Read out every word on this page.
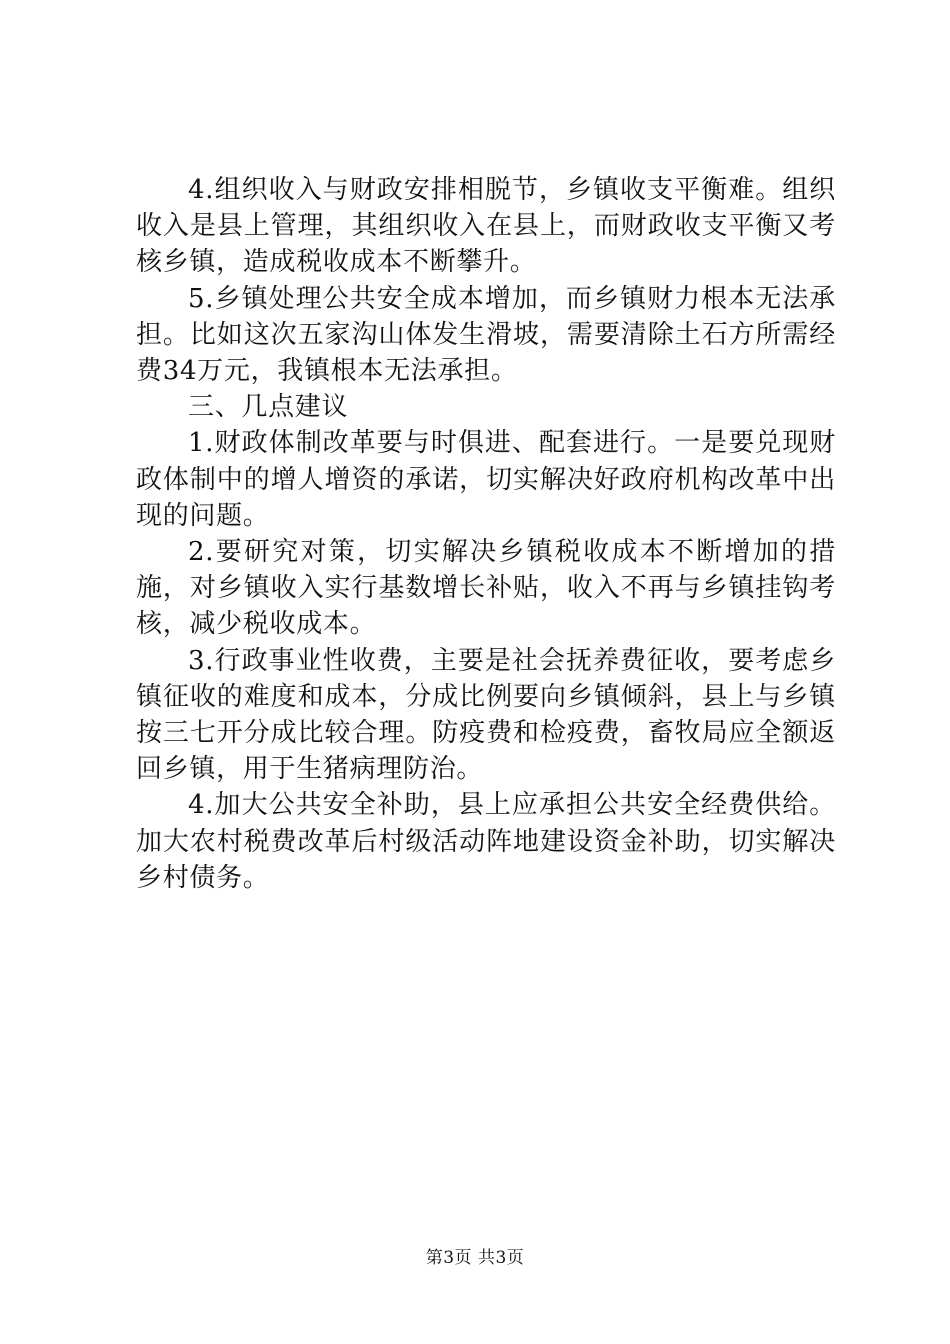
4.组织收入与财政安排相脱节，乡镇收支平衡难。组织收入是县上管理，其组织收入在县上，而财政收支平衡又考核乡镇，造成税收成本不断攀升。

5.乡镇处理公共安全成本增加，而乡镇财力根本无法承担。比如这次五家沟山体发生滑坡，需要清除土石方所需经费34万元，我镇根本无法承担。

三、几点建议

1.财政体制改革要与时俱进、配套进行。一是要兑现财政体制中的增人增资的承诺，切实解决好政府机构改革中出现的问题。

2.要研究对策，切实解决乡镇税收成本不断增加的措施，对乡镇收入实行基数增长补贴，收入不再与乡镇挂钩考核，减少税收成本。

3.行政事业性收费，主要是社会抚养费征收，要考虑乡镇征收的难度和成本，分成比例要向乡镇倾斜，县上与乡镇按三七开分成比较合理。防疫费和检疫费，畜牧局应全额返回乡镇，用于生猪病理防治。

4.加大公共安全补助，县上应承担公共安全经费供给。加大农村税费改革后村级活动阵地建设资金补助，切实解决乡村债务。

第3页 共3页
